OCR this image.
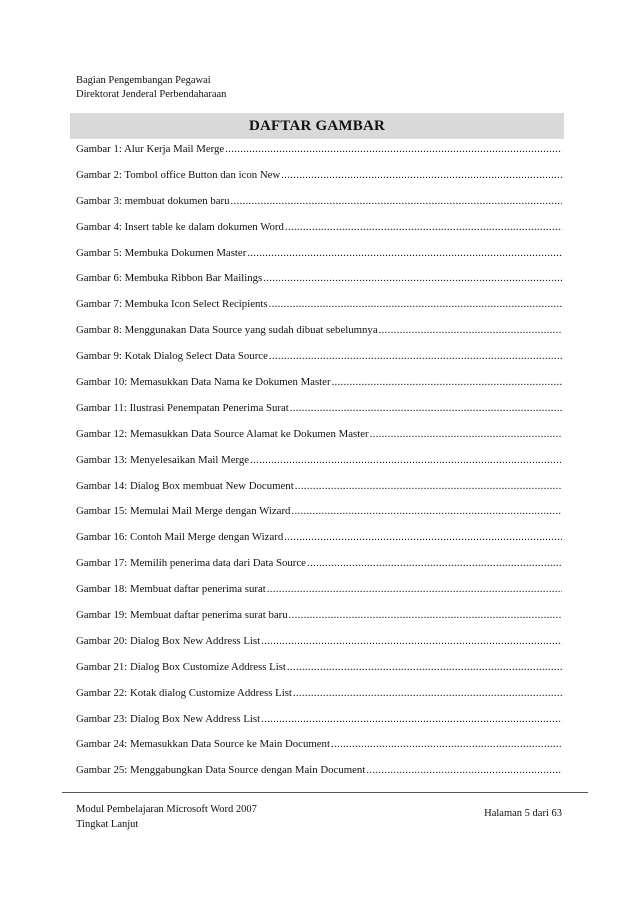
Bagian Pengembangan Pegawai
Direktorat Jenderal Perbendaharaan
DAFTAR GAMBAR
Gambar 1: Alur Kerja Mail Merge
.....
Gambar 2: Tombol office Button dan icon New
.....
Gambar 3: membuat dokumen baru
.....
Gambar 4: Insert table ke dalam dokumen Word
.....
Gambar 5: Membuka Dokumen Master
.....
Gambar 6: Membuka Ribbon Bar Mailings
.....
Gambar 7: Membuka Icon Select Recipients
.....
Gambar 8: Menggunakan Data Source yang sudah dibuat sebelumnya
.....
Gambar 9: Kotak Dialog Select Data Source
.....
Gambar 10: Memasukkan Data Nama ke Dokumen Master
.....
Gambar 11: Ilustrasi Penempatan Penerima Surat
.....
Gambar 12: Memasukkan Data Source Alamat ke Dokumen Master
.....
Gambar 13: Menyelesaikan Mail Merge
.....
Gambar 14: Dialog Box membuat New Document
.....
Gambar 15: Memulai Mail Merge dengan Wizard
.....
Gambar 16: Contoh Mail Merge dengan Wizard
.....
Gambar 17: Memilih penerima data dari Data Source
.....
Gambar 18: Membuat daftar penerima surat
.....
Gambar 19: Membuat daftar penerima surat baru
.....
Gambar 20: Dialog Box New Address List
.....
Gambar 21: Dialog Box Customize Address List
.....
Gambar 22: Kotak dialog Customize Address List
.....
Gambar 23: Dialog Box New Address List
.....
Gambar 24: Memasukkan Data Source ke Main Document
.....
Gambar 25: Menggabungkan Data Source dengan Main Document
.....
Modul Pembelajaran Microsoft Word 2007
Tingkat Lanjut
Halaman 5 dari 63
